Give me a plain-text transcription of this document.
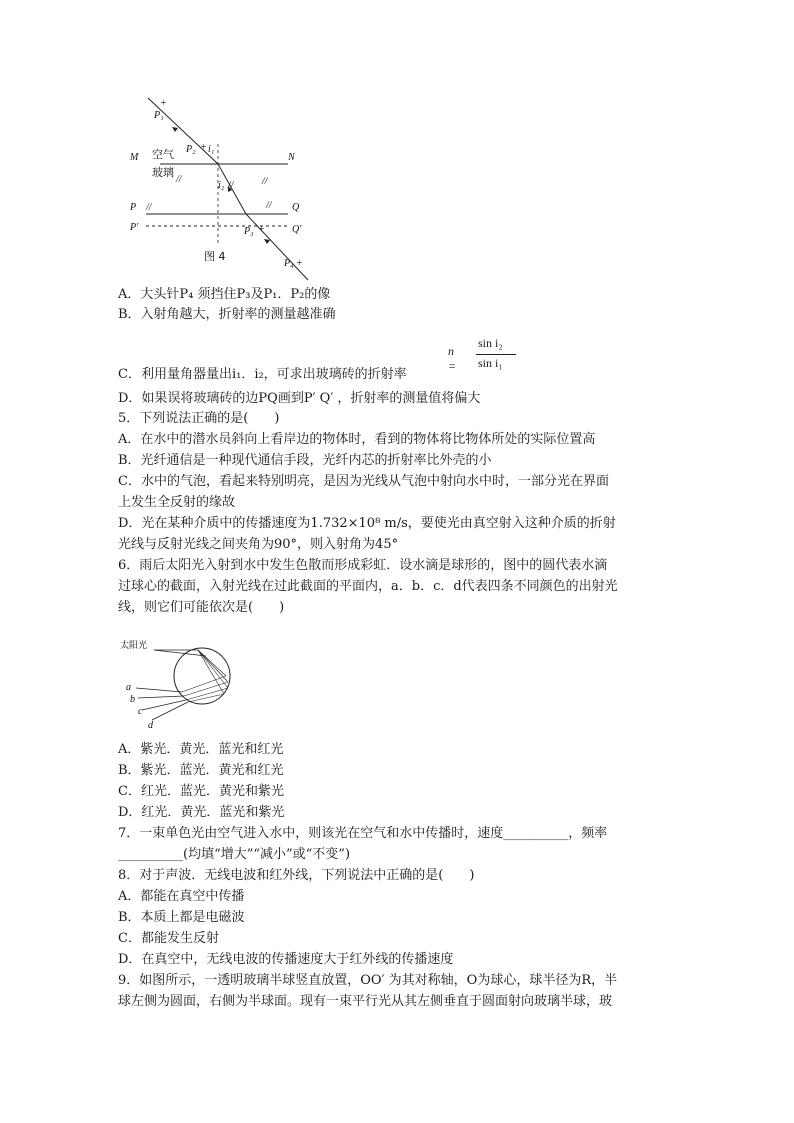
//	//
//
//	//
+
+
+
+
P₁
P₂ i₁
i₂
P₃
P₄
M	N
P	Q
P′	Q′
空气
玻璃
图 4
A．大头针P₄ 须挡住P₃及P₁．P₂的像
B．入射角越大，折射率的测量越准确
n =
sin i₂
sin i₁
C．利用量角器量出i₁．i₂，可求出玻璃砖的折射率
D．如果误将玻璃砖的边PQ画到P′ Q′ ，折射率的测量值将偏大
5．下列说法正确的是(　　)
A．在水中的潜水员斜向上看岸边的物体时，看到的物体将比物体所处的实际位置高
B．光纤通信是一种现代通信手段，光纤内芯的折射率比外壳的小
C．水中的气泡，看起来特别明亮，是因为光线从气泡中射向水中时，一部分光在界面
上发生全反射的缘故
D．光在某种介质中的传播速度为1.732×10⁸ m/s，要使光由真空射入这种介质的折射
光线与反射光线之间夹角为90°，则入射角为45°
6．雨后太阳光入射到水中发生色散而形成彩虹．设水滴是球形的，图中的圆代表水滴
过球心的截面，入射光线在过此截面的平面内，a．b．c．d代表四条不同颜色的出射光
线，则它们可能依次是(　　)
太阳光
a
b
c
d
A．紫光．黄光．蓝光和红光
B．紫光．蓝光．黄光和红光
C．红光．蓝光．黄光和紫光
D．红光．黄光．蓝光和紫光
7．一束单色光由空气进入水中，则该光在空气和水中传播时，速度__________，频率
__________(均填“增大”“减小”或“不变”)
8．对于声波．无线电波和红外线，下列说法中正确的是(　　)
A．都能在真空中传播
B．本质上都是电磁波
C．都能发生反射
D．在真空中，无线电波的传播速度大于红外线的传播速度
9．如图所示，一透明玻璃半球竖直放置，OO′ 为其对称轴，O为球心，球半径为R，半
球左侧为圆面，右侧为半球面。现有一束平行光从其左侧垂直于圆面射向玻璃半球，玻
